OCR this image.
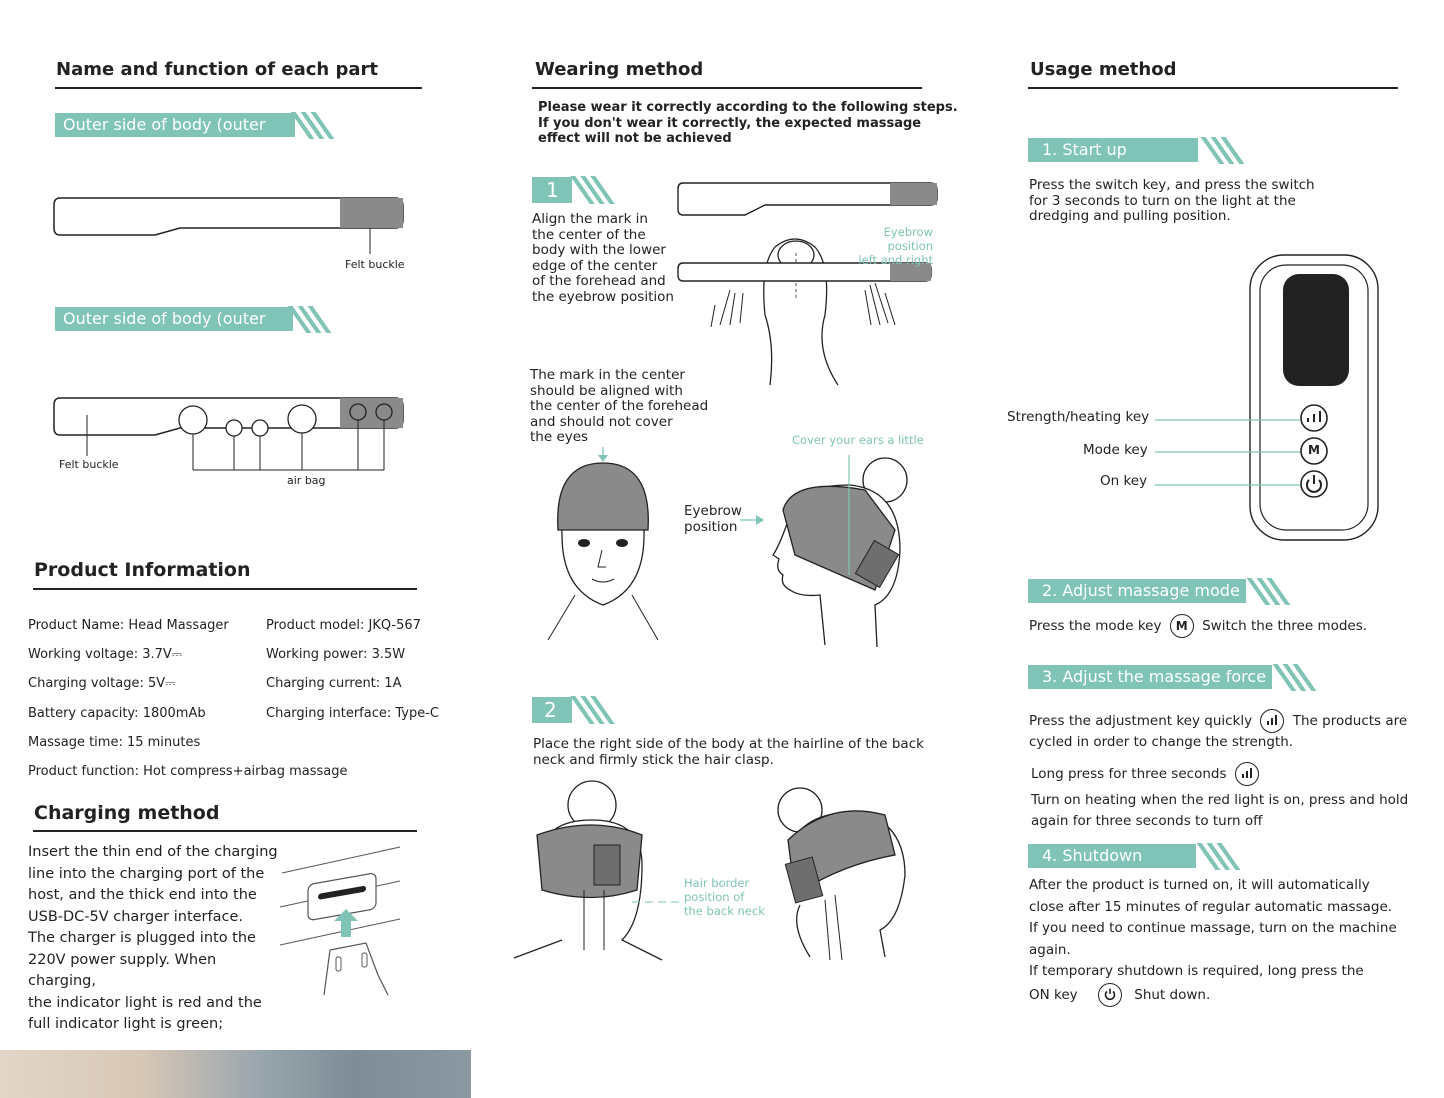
Name and function of each part
Outer side of body (outer side)
Felt buckle
Outer side of body (outer side)
Felt buckle
air bag
Product Information
Product Name: Head Massager
Working voltage: 3.7V⎓
Charging voltage: 5V⎓
Battery capacity: 1800mAb
Massage time: 15 minutes
Product function: Hot compress+airbag massage
Product model: JKQ-567
Working power: 3.5W
Charging current: 1A
Charging interface: Type-C
Charging method
Insert the thin end of the charging
line into the charging port of the
host, and the thick end into the
USB-DC-5V charger interface.
The charger is plugged into the
220V power supply. When charging,
the indicator light is red and the
full indicator light is green;
Wearing method
Please wear it correctly according to the following steps.
If you don't wear it correctly, the expected massage
effect will not be achieved
1
Align the mark in
the center of the
body with the lower
edge of the center
of the forehead and
the eyebrow position
Eyebrow position
left and right
The mark in the center
should be aligned with
the center of the forehead
and should not cover
the eyes
Eyebrow
position
Cover your ears a little
2
Place the right side of the body at the hairline of the back
neck and firmly stick the hair clasp.
Hair border
position of
the back neck
Usage method
1. Start up
Press the switch key, and press the switch
for 3 seconds to turn on the light at the
dredging and pulling position.
M
Strength/heating key
Mode key
On key
2. Adjust massage mode
Press the mode key M Switch the three modes.
3. Adjust the massage force
Press the adjustment key quickly	The products are
cycled in order to change the strength.
Long press for three seconds
Turn on heating when the red light is on, press and hold
again for three seconds to turn off
4. Shutdown
After the product is turned on, it will automatically
close after 15 minutes of regular automatic massage.
If you need to continue massage, turn on the machine
again.
If temporary shutdown is required, long press the
ON key	Shut down.
